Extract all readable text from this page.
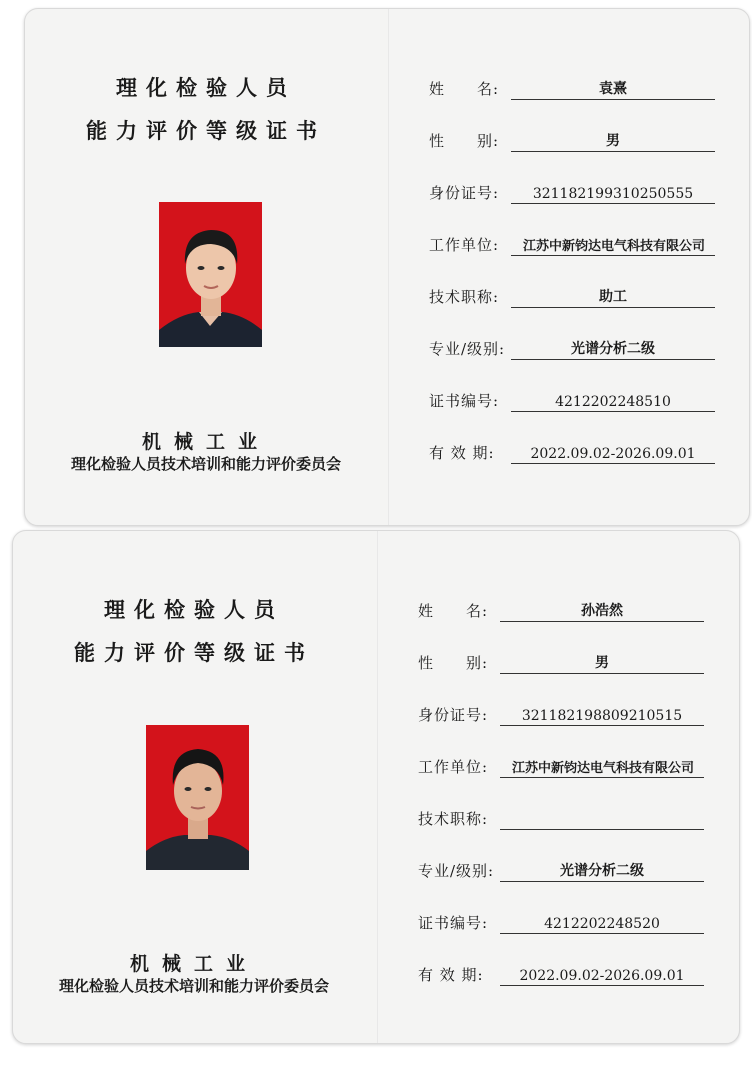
理化检验人员
能力评价等级证书
机械工业
理化检验人员技术培训和能力评价委员会
姓　　名:	袁熹
性　　别:	男
身份证号:	321182199310250555
工作单位:	江苏中新钧达电气科技有限公司
技术职称:	助工
专业/级别:	光谱分析二级
证书编号:	4212202248510
有 效 期:	2022.09.02-2026.09.01
理化检验人员
能力评价等级证书
机械工业
理化检验人员技术培训和能力评价委员会
姓　　名:	孙浩然
性　　别:	男
身份证号:	321182198809210515
工作单位:	江苏中新钧达电气科技有限公司
技术职称:
专业/级别:	光谱分析二级
证书编号:	4212202248520
有 效 期:	2022.09.02-2026.09.01
